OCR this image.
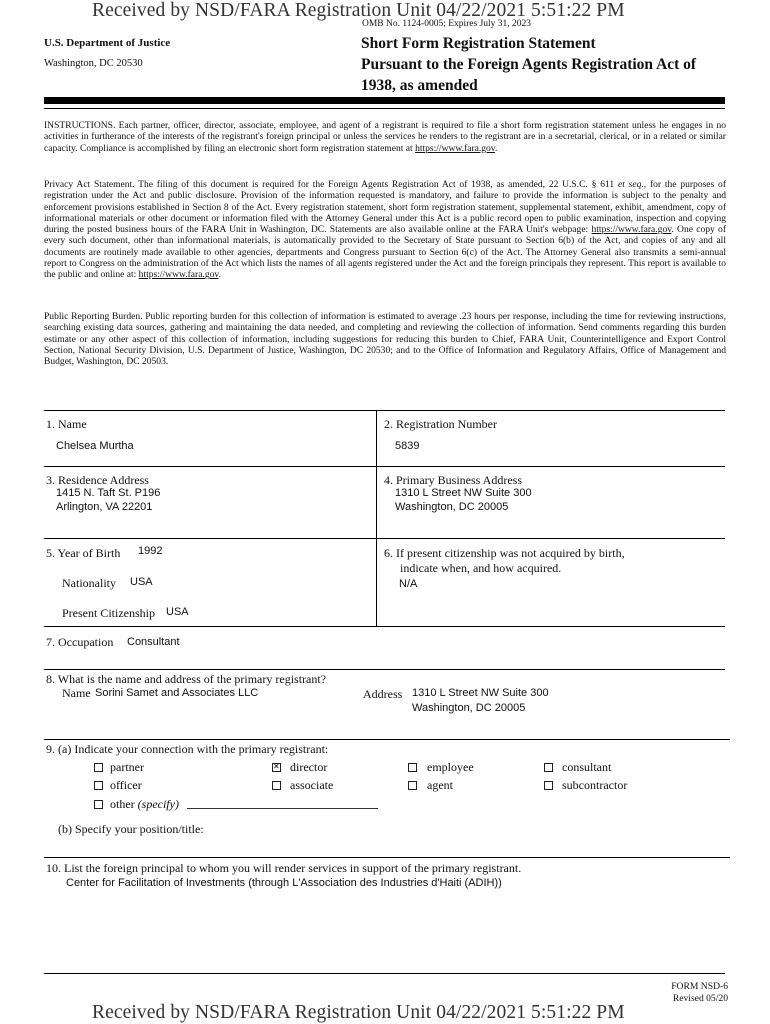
Received by NSD/FARA Registration Unit 04/22/2021 5:51:22 PM
OMB No. 1124-0005; Expires July 31, 2023
U.S. Department of Justice
Washington, DC 20530
Short Form Registration Statement
Pursuant to the Foreign Agents Registration Act of
1938, as amended
INSTRUCTIONS. Each partner, officer, director, associate, employee, and agent of a registrant is required to file a short form registration statement unless he engages in no activities in furtherance of the interests of the registrant's foreign principal or unless the services he renders to the registrant are in a secretarial, clerical, or in a related or similar capacity. Compliance is accomplished by filing an electronic short form registration statement at https://www.fara.gov.
Privacy Act Statement. The filing of this document is required for the Foreign Agents Registration Act of 1938, as amended, 22 U.S.C. § 611 et seq., for the purposes of registration under the Act and public disclosure. Provision of the information requested is mandatory, and failure to provide the information is subject to the penalty and enforcement provisions established in Section 8 of the Act. Every registration statement, short form registration statement, supplemental statement, exhibit, amendment, copy of informational materials or other document or information filed with the Attorney General under this Act is a public record open to public examination, inspection and copying during the posted business hours of the FARA Unit in Washington, DC. Statements are also available online at the FARA Unit's webpage: https://www.fara.gov. One copy of every such document, other than informational materials, is automatically provided to the Secretary of State pursuant to Section 6(b) of the Act, and copies of any and all documents are routinely made available to other agencies, departments and Congress pursuant to Section 6(c) of the Act. The Attorney General also transmits a semi-annual report to Congress on the administration of the Act which lists the names of all agents registered under the Act and the foreign principals they represent. This report is available to the public and online at: https://www.fara.gov.
Public Reporting Burden. Public reporting burden for this collection of information is estimated to average .23 hours per response, including the time for reviewing instructions, searching existing data sources, gathering and maintaining the data needed, and completing and reviewing the collection of information. Send comments regarding this burden estimate or any other aspect of this collection of information, including suggestions for reducing this burden to Chief, FARA Unit, Counterintelligence and Export Control Section, National Security Division, U.S. Department of Justice, Washington, DC 20530; and to the Office of Information and Regulatory Affairs, Office of Management and Budget, Washington, DC 20503.
1. Name
Chelsea Murtha
2. Registration Number
5839
3. Residence Address
1415 N. Taft St. P196
Arlington, VA 22201
4. Primary Business Address
1310 L Street NW Suite 300
Washington, DC 20005
5. Year of Birth 1992
Nationality USA
Present Citizenship USA
6. If present citizenship was not acquired by birth,
indicate when, and how acquired.
N/A
7. Occupation Consultant
8. What is the name and address of the primary registrant?
Name Sorini Samet and Associates LLC	Address 1310 L Street NW Suite 300
Washington, DC 20005
9. (a) Indicate your connection with the primary registrant:
partner
officer
other (specify)
✕
director
associate
employee
agent
consultant
subcontractor
(b) Specify your position/title:
10. List the foreign principal to whom you will render services in support of the primary registrant.
Center for Facilitation of Investments (through L'Association des Industries d'Haiti (ADIH))
FORM NSD-6
Revised 05/20
Received by NSD/FARA Registration Unit 04/22/2021 5:51:22 PM
